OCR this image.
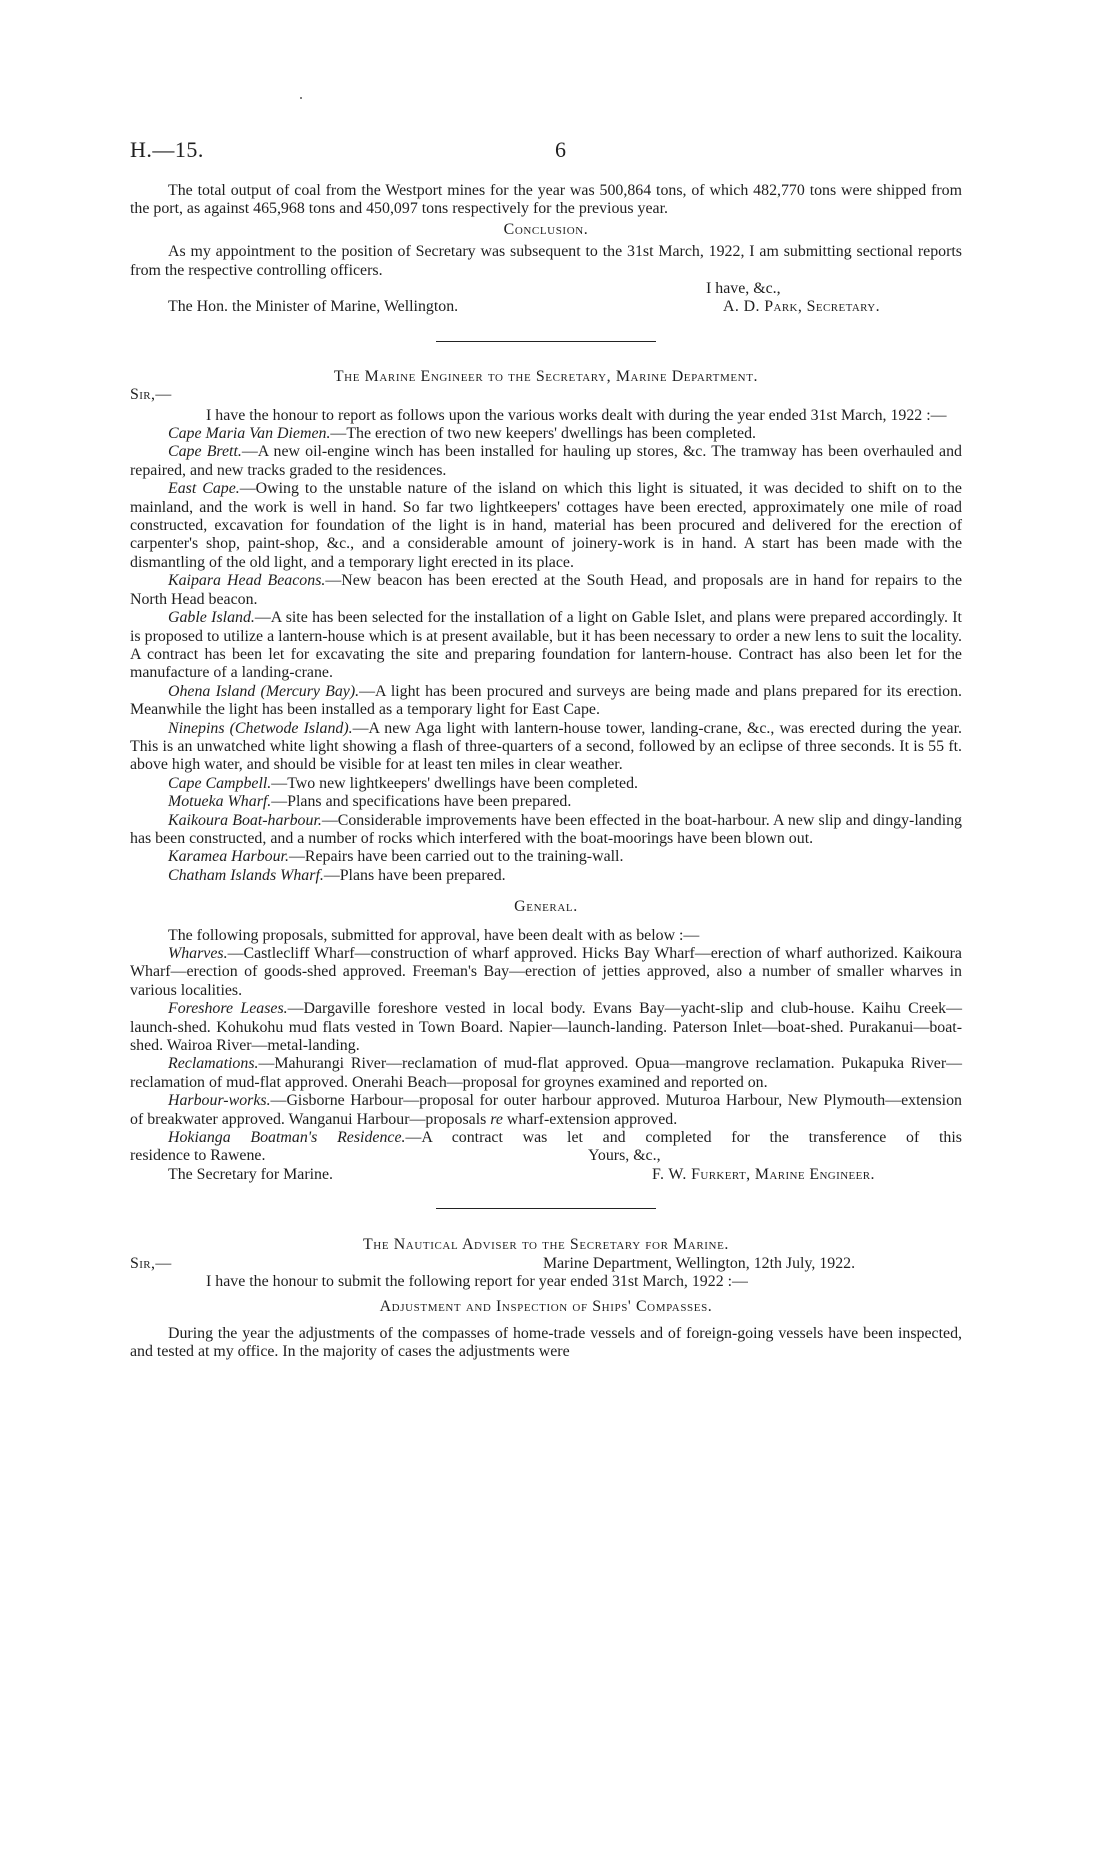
H.—15.	6

The total output of coal from the Westport mines for the year was 500,864 tons, of which 482,770 tons were shipped from the port, as against 465,968 tons and 450,097 tons respectively for the previous year.

Conclusion.

As my appointment to the position of Secretary was subsequent to the 31st March, 1922, I am submitting sectional reports from the respective controlling officers.

I have, &c.,
The Hon. the Minister of Marine, Wellington.	A. D. Park, Secretary.

The Marine Engineer to the Secretary, Marine Department.

Sir,—

I have the honour to report as follows upon the various works dealt with during the year ended 31st March, 1922 :—

Cape Maria Van Diemen.—The erection of two new keepers' dwellings has been completed.

Cape Brett.—A new oil-engine winch has been installed for hauling up stores, &c. The tramway has been overhauled and repaired, and new tracks graded to the residences.

East Cape.—Owing to the unstable nature of the island on which this light is situated, it was decided to shift on to the mainland, and the work is well in hand. So far two lightkeepers' cottages have been erected, approximately one mile of road constructed, excavation for foundation of the light is in hand, material has been procured and delivered for the erection of carpenter's shop, paint-shop, &c., and a considerable amount of joinery-work is in hand. A start has been made with the dismantling of the old light, and a temporary light erected in its place.

Kaipara Head Beacons.—New beacon has been erected at the South Head, and proposals are in hand for repairs to the North Head beacon.

Gable Island.—A site has been selected for the installation of a light on Gable Islet, and plans were prepared accordingly. It is proposed to utilize a lantern-house which is at present available, but it has been necessary to order a new lens to suit the locality. A contract has been let for excavating the site and preparing foundation for lantern-house. Contract has also been let for the manufacture of a landing-crane.

Ohena Island (Mercury Bay).—A light has been procured and surveys are being made and plans prepared for its erection. Meanwhile the light has been installed as a temporary light for East Cape.

Ninepins (Chetwode Island).—A new Aga light with lantern-house tower, landing-crane, &c., was erected during the year. This is an unwatched white light showing a flash of three-quarters of a second, followed by an eclipse of three seconds. It is 55 ft. above high water, and should be visible for at least ten miles in clear weather.

Cape Campbell.—Two new lightkeepers' dwellings have been completed.

Motueka Wharf.—Plans and specifications have been prepared.

Kaikoura Boat-harbour.—Considerable improvements have been effected in the boat-harbour. A new slip and dingy-landing has been constructed, and a number of rocks which interfered with the boat-moorings have been blown out.

Karamea Harbour.—Repairs have been carried out to the training-wall.

Chatham Islands Wharf.—Plans have been prepared.

General.

The following proposals, submitted for approval, have been dealt with as below :—

Wharves.—Castlecliff Wharf—construction of wharf approved. Hicks Bay Wharf—erection of wharf authorized. Kaikoura Wharf—erection of goods-shed approved. Freeman's Bay—erection of jetties approved, also a number of smaller wharves in various localities.

Foreshore Leases.—Dargaville foreshore vested in local body. Evans Bay—yacht-slip and club-house. Kaihu Creek—launch-shed. Kohukohu mud flats vested in Town Board. Napier—launch-landing. Paterson Inlet—boat-shed. Purakanui—boat-shed. Wairoa River—metal-landing.

Reclamations.—Mahurangi River—reclamation of mud-flat approved. Opua—mangrove reclamation. Pukapuka River—reclamation of mud-flat approved. Onerahi Beach—proposal for groynes examined and reported on.

Harbour-works.—Gisborne Harbour—proposal for outer harbour approved. Muturoa Harbour, New Plymouth—extension of breakwater approved. Wanganui Harbour—proposals re wharf-extension approved.

Hokianga Boatman's Residence.—A contract was let and completed for the transference of this

residence to Rawene.	Yours, &c.,
The Secretary for Marine.	F. W. Furkert, Marine Engineer.

The Nautical Adviser to the Secretary for Marine.

Sir,—	Marine Department, Wellington, 12th July, 1922.

I have the honour to submit the following report for year ended 31st March, 1922 :—

Adjustment and Inspection of Ships' Compasses.

During the year the adjustments of the compasses of home-trade vessels and of foreign-going vessels have been inspected, and tested at my office. In the majority of cases the adjustments were
